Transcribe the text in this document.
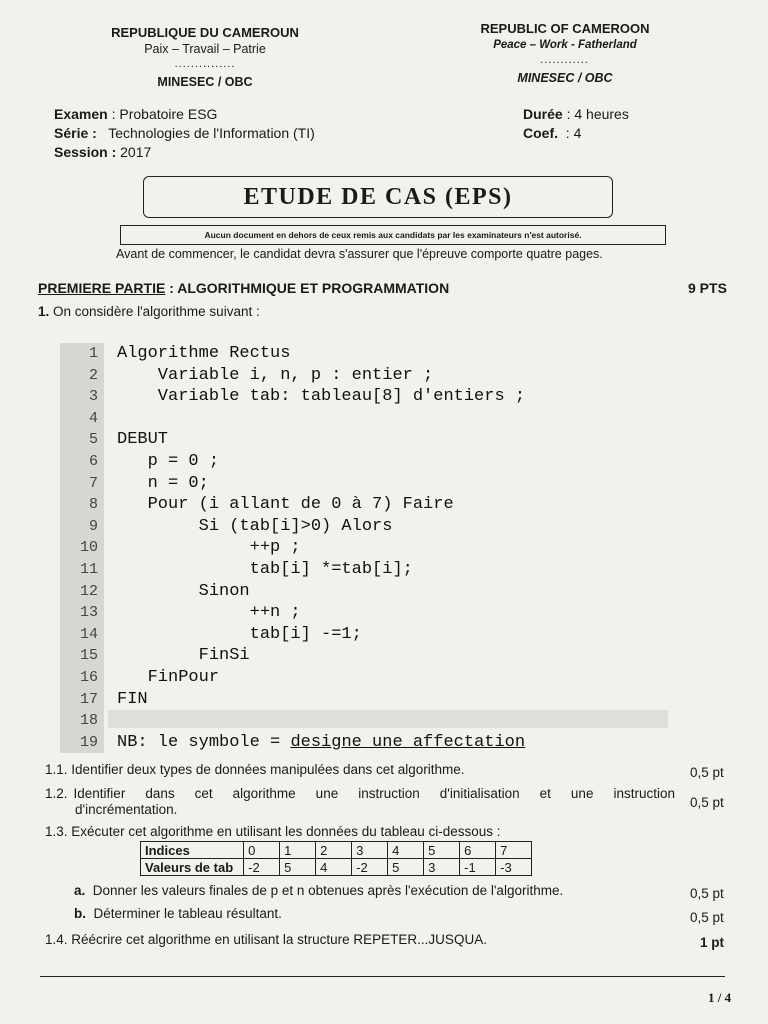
REPUBLIQUE DU CAMEROUN
Paix – Travail – Patrie
...............
MINESEC / OBC
REPUBLIC OF CAMEROON
Peace – Work - Fatherland
............
MINESEC / OBC
Examen : Probatoire ESG
Série : Technologies de l'Information (TI)
Session : 2017
Durée : 4 heures
Coef.  : 4
ETUDE DE CAS (EPS)
Aucun document en dehors de ceux remis aux candidats par les examinateurs n'est autorisé.
Avant de commencer, le candidat devra s'assurer que l'épreuve comporte quatre pages.
PREMIERE PARTIE : ALGORITHMIQUE ET PROGRAMMATION	9 PTS
1. On considère l'algorithme suivant :
1 Algorithme Rectus
2 Variable i, n, p : entier ;
3 Variable tab: tableau[8] d'entiers ;
4
5 DEBUT
6 p = 0 ;
7 n = 0;
8 Pour (i allant de 0 à 7) Faire
9 Si (tab[i]>0) Alors
10 ++p ;
11 tab[i] *=tab[i];
12 Sinon
13 ++n ;
14 tab[i] -=1;
15 FinSi
16 FinPour
17 FIN
18
19 NB: le symbole = designe une affectation
1.1. Identifier deux types de données manipulées dans cet algorithme.	0,5 pt
1.2. Identifier dans cet algorithme une instruction d'initialisation et une instruction
d'incrémentation.	0,5 pt
1.3. Exécuter cet algorithme en utilisant les données du tableau ci-dessous :
Indices	0	1	2	3	4	5	6	7
Valeurs de tab	-2	5	4	-2	5	3	-1	-3
a. Donner les valeurs finales de p et n obtenues après l'exécution de l'algorithme.	0,5 pt
b. Déterminer le tableau résultant.	0,5 pt
1.4. Réécrire cet algorithme en utilisant la structure REPETER...JUSQUA.	1 pt
1 / 4
